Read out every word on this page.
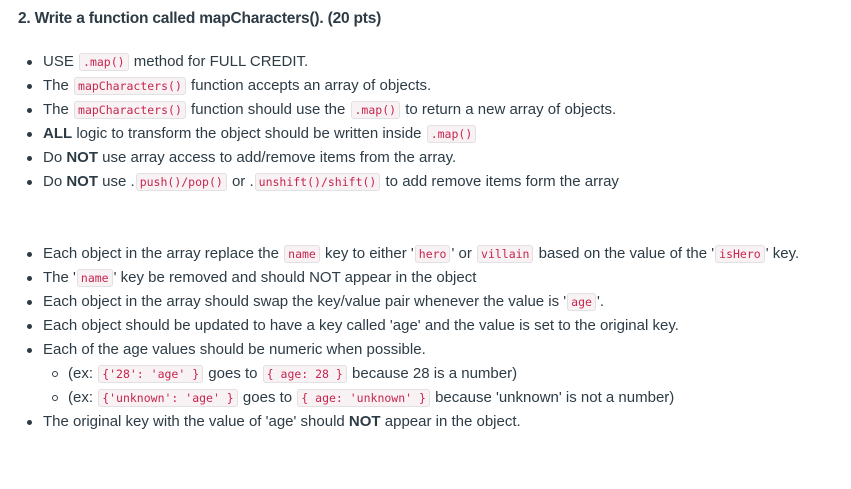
2. Write a function called mapCharacters(). (20 pts)
USE .map() method for FULL CREDIT.
The mapCharacters() function accepts an array of objects.
The mapCharacters() function should use the .map() to return a new array of objects.
ALL logic to transform the object should be written inside .map()
Do NOT use array access to add/remove items from the array.
Do NOT use . push()/pop() or . unshift()/shift() to add remove items form the array
Each object in the array replace the name key to either ' hero ' or villain based on the value of the ' isHero ' key.
The ' name ' key be removed and should NOT appear in the object
Each object in the array should swap the key/value pair whenever the value is ' age '.
Each object should be updated to have a key called 'age' and the value is set to the original key.
Each of the age values should be numeric when possible.
(ex: {'28': 'age' } goes to { age: 28 } because 28 is a number)
(ex: {'unknown': 'age' } goes to { age: 'unknown' } because 'unknown' is not a number)
The original key with the value of 'age' should NOT appear in the object.
